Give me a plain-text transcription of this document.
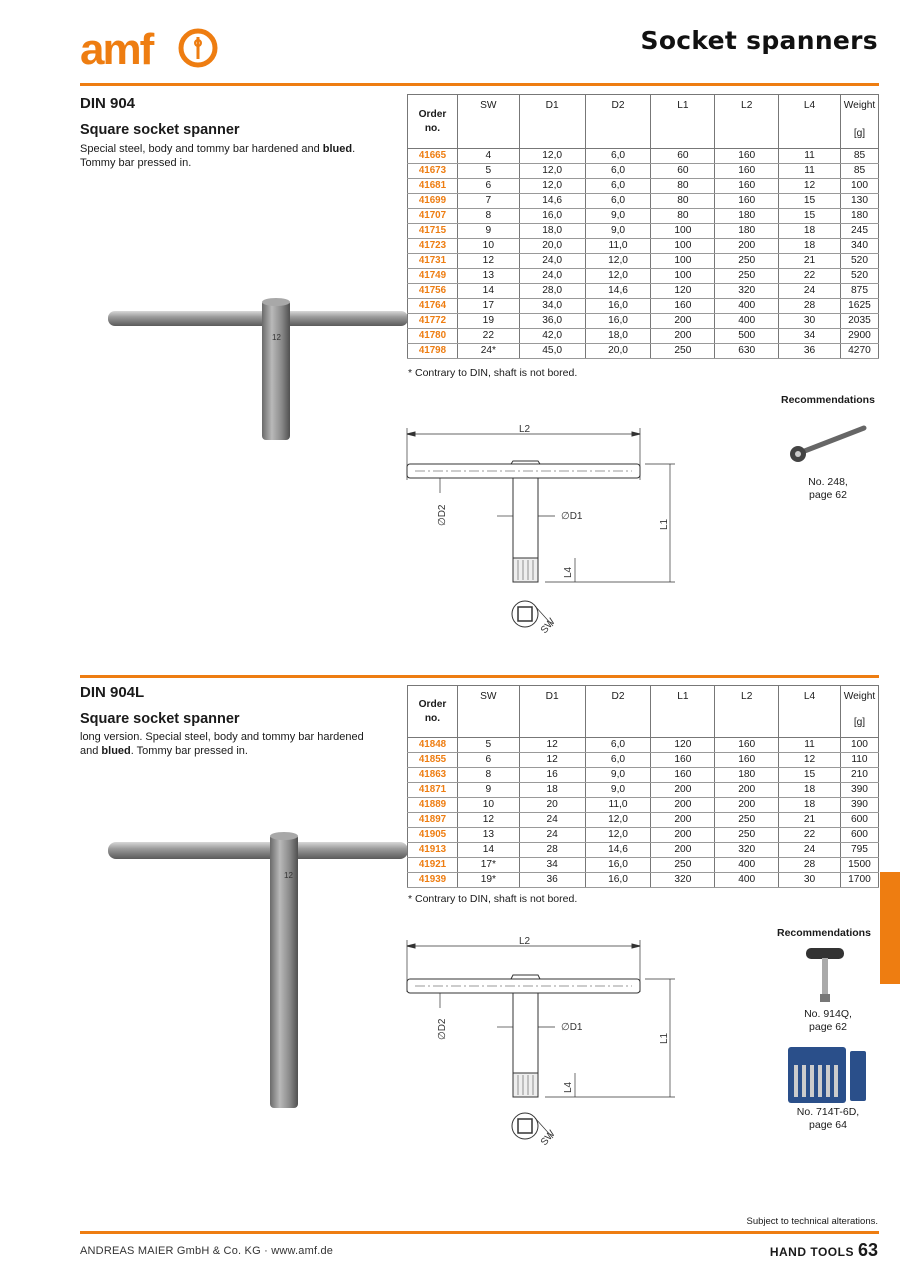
amf	Socket spanners
DIN 904
Square socket spanner
Special steel, body and tommy bar hardened and blued. Tommy bar pressed in.
12
Order no.	SW	D1	D2	L1	L2	L4	Weight
[g]

41665	4	12,0	6,0	60	160	11	85
41673	5	12,0	6,0	60	160	11	85
41681	6	12,0	6,0	80	160	12	100
41699	7	14,6	6,0	80	160	15	130
41707	8	16,0	9,0	80	180	15	180
41715	9	18,0	9,0	100	180	18	245
41723	10	20,0	11,0	100	200	18	340
41731	12	24,0	12,0	100	250	21	520
41749	13	24,0	12,0	100	250	22	520
41756	14	28,0	14,6	120	320	24	875
41764	17	34,0	16,0	160	400	28	1625
41772	19	36,0	16,0	200	400	30	2035
41780	22	42,0	18,0	200	500	34	2900
41798	24*	45,0	20,0	250	630	36	4270
* Contrary to DIN, shaft is not bored.
L2
∅D1
∅D2	L1
L4
SW
Recommendations
No. 248,
page 62
DIN 904L
Square socket spanner
long version. Special steel, body and tommy bar hardened and blued. Tommy bar pressed in.
12
Order no.	SW	D1	D2	L1	L2	L4	Weight
[g]

41848	5	12	6,0	120	160	11	100
41855	6	12	6,0	160	160	12	110
41863	8	16	9,0	160	180	15	210
41871	9	18	9,0	200	200	18	390
41889	10	20	11,0	200	200	18	390
41897	12	24	12,0	200	250	21	600
41905	13	24	12,0	200	250	22	600
41913	14	28	14,6	200	320	24	795
41921	17*	34	16,0	250	400	28	1500
41939	19*	36	16,0	320	400	30	1700
* Contrary to DIN, shaft is not bored.
L2
∅D1
∅D2	L1
L4
SW
Recommendations
No. 914Q,
page 62
No. 714T-6D,
page 64
Subject to technical alterations.
ANDREAS MAIER GmbH & Co. KG · www.amf.de	HAND TOOLS 63
